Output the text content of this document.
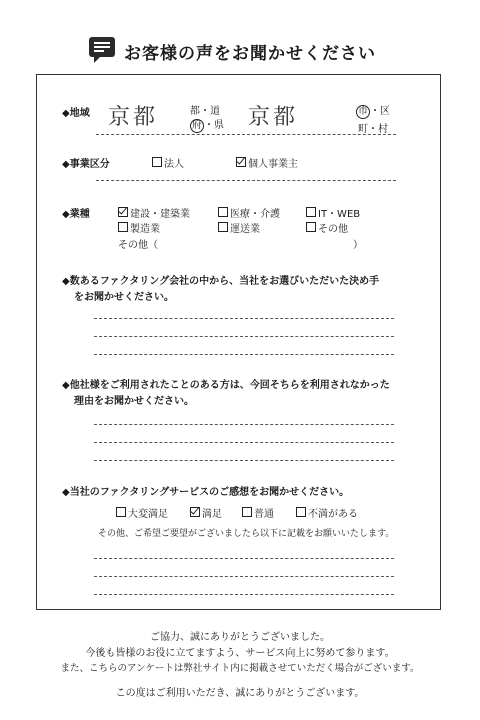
お客様の声をお聞かせください
◆地域 京都	都・道
府 ・県 京都	市 ・区
町・村
◆事業区分	法人	個人事業主
◆業種	建設・建築業	医療・介護	IT・WEB
製造業	運送業	その他
その他（	）
◆数あるファクタリング会社の中から、当社をお選びいただいた決め手
をお聞かせください。
◆他社様をご利用されたことのある方は、今回そちらを利用されなかった
理由をお聞かせください。
◆当社のファクタリングサービスのご感想をお聞かせください。
大変満足	満足	普通	不満がある
その他、ご希望ご要望がございましたら以下に記載をお願いいたします。
ご協力、誠にありがとうございました。
今後も皆様のお役に立てますよう、サービス向上に努めて参ります。
また、こちらのアンケートは弊社サイト内に掲載させていただく場合がございます。
この度はご利用いただき、誠にありがとうございます。
